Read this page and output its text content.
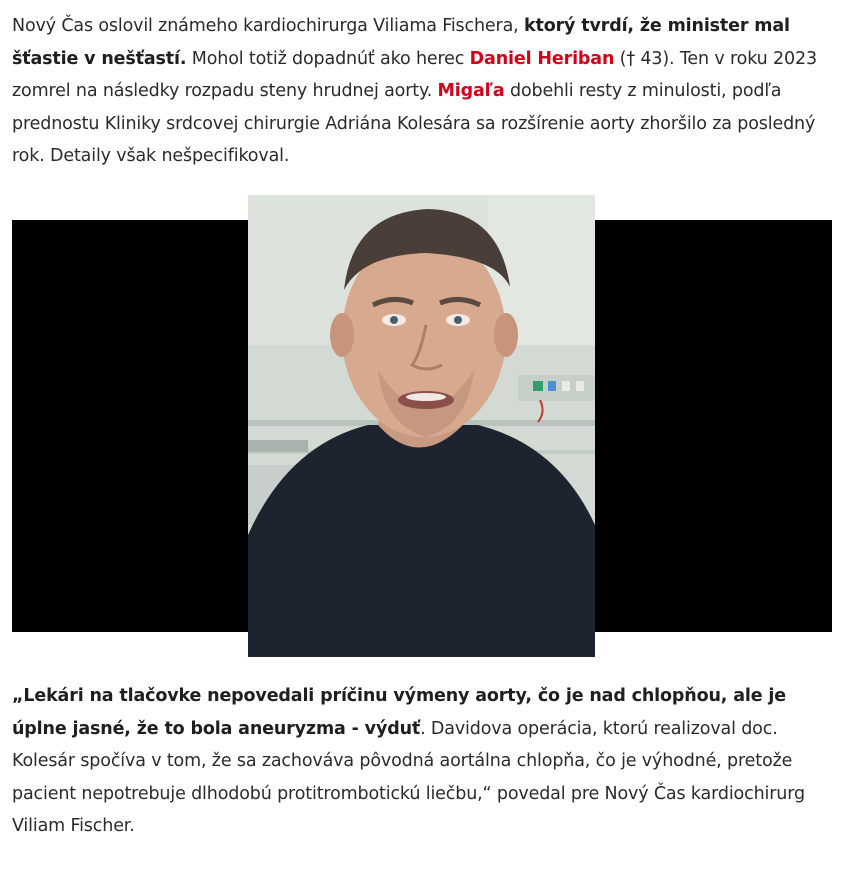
Nový Čas oslovil známeho kardiochirurga Viliama Fischera, ktorý tvrdí, že minister mal šťastie v nešťastí. Mohol totiž dopadnúť ako herec Daniel Heriban († 43). Ten v roku 2023 zomrel na následky rozpadu steny hrudnej aorty. Migaľa dobehli resty z minulosti, podľa prednostu Kliniky srdcovej chirurgie Adriána Kolesára sa rozšírenie aorty zhoršilo za posledný rok. Detaily však nešpecifikoval.

„Lekári na tlačovke nepovedali príčinu výmeny aorty, čo je nad chlopňou, ale je úplne jasné, že to bola aneuryzma - výduť. Davidova operácia, ktorú realizoval doc. Kolesár spočíva v tom, že sa zachováva pôvodná aortálna chlopňa, čo je výhodné, pretože pacient nepotrebuje dlhodobú protitrombotickú liečbu,“ povedal pre Nový Čas kardiochirurg Viliam Fischer.
